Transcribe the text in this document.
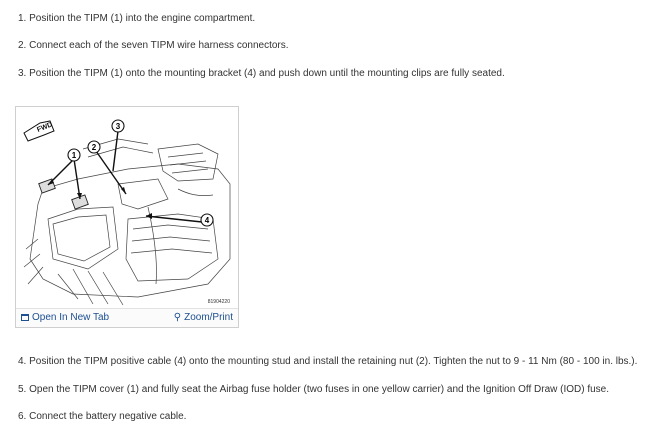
1. Position the TIPM (1) into the engine compartment.

2. Connect each of the seven TIPM wire harness connectors.

3. Position the TIPM (1) onto the mounting bracket (4) and push down until the mounting clips are fully seated.

FWD
1
2
3
4
81904220
Open In New Tab	⚲ Zoom/Print

4. Position the TIPM positive cable (4) onto the mounting stud and install the retaining nut (2). Tighten the nut to 9 - 11 Nm (80 - 100 in. lbs.).

5. Open the TIPM cover (1) and fully seat the Airbag fuse holder (two fuses in one yellow carrier) and the Ignition Off Draw (IOD) fuse.

6. Connect the battery negative cable.
